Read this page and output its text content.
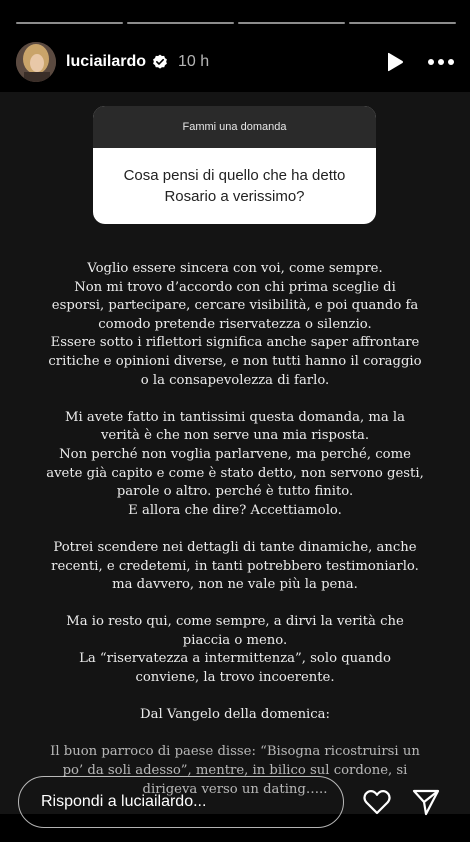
luciailardo 10 h
Fammi una domanda
Cosa pensi di quello che ha detto
Rosario a verissimo?

Voglio essere sincera con voi, come sempre.
Non mi trovo d’accordo con chi prima sceglie di
esporsi, partecipare, cercare visibilità, e poi quando fa
comodo pretende riservatezza o silenzio.
Essere sotto i riflettori significa anche saper affrontare
critiche e opinioni diverse, e non tutti hanno il coraggio
o la consapevolezza di farlo.

Mi avete fatto in tantissimi questa domanda, ma la
verità è che non serve una mia risposta.
Non perché non voglia parlarvene, ma perché, come
avete già capito e come è stato detto, non servono gesti,
parole o altro. perché è tutto finito.
E allora che dire? Accettiamolo.

Potrei scendere nei dettagli di tante dinamiche, anche
recenti, e credetemi, in tanti potrebbero testimoniarlo.
ma davvero, non ne vale più la pena.

Ma io resto qui, come sempre, a dirvi la verità che
piaccia o meno.
La “riservatezza a intermittenza”, solo quando
conviene, la trovo incoerente.

Dal Vangelo della domenica:

Il buon parroco di paese disse: “Bisogna ricostruirsi un
po’ da soli adesso”, mentre, in bilico sul cordone, si
dirigeva verso un dating…..

Rispondi a luciailardo...
